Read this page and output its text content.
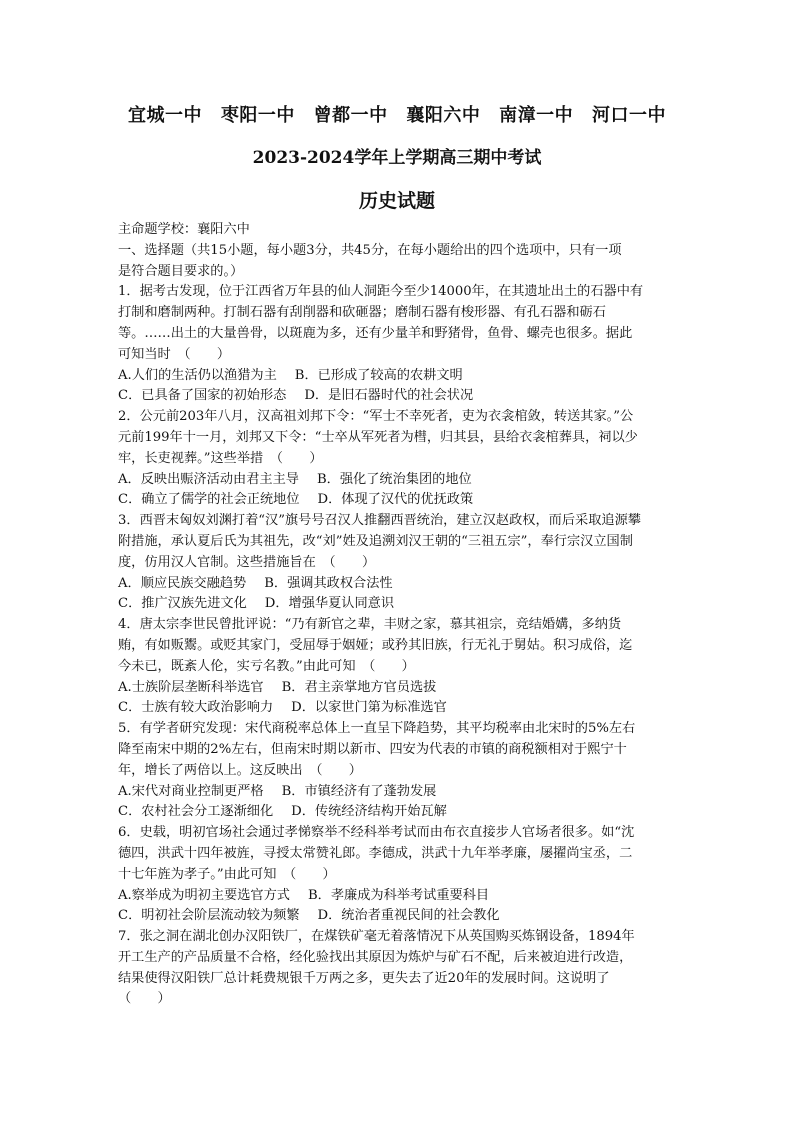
宜城一中 枣阳一中 曾都一中 襄阳六中 南漳一中 河口一中
2023-2024学年上学期高三期中考试
历史试题
主命题学校：襄阳六中
一、选择题（共15小题，每小题3分，共45分，在每小题给出的四个选项中，只有一项
是符合题目要求的。）
1．据考古发现，位于江西省万年县的仙人洞距今至少14000年，在其遗址出土的石器中有
打制和磨制两种。打制石器有刮削器和砍砸器；磨制石器有梭形器、有孔石器和砺石
等。……出土的大量兽骨，以斑鹿为多，还有少量羊和野猪骨，鱼骨、螺壳也很多。据此
可知当时　（　　）
A.人们的生活仍以渔猎为主 B．已形成了较高的农耕文明
C．已具备了国家的初始形态 D．是旧石器时代的社会状况
2．公元前203年八月，汉高祖刘邦下令：“军士不幸死者，吏为衣衾棺敛，转送其家。”公
元前199年十一月，刘邦又下令：“士卒从军死者为槥，归其县，县给衣衾棺葬具，祠以少
牢，长吏视葬。”这些举措　（　　）
A．反映出赈济活动由君主主导 B．强化了统治集团的地位
C．确立了儒学的社会正统地位 D．体现了汉代的优抚政策
3．西晋末匈奴刘渊打着“汉”旗号号召汉人推翻西晋统治，建立汉赵政权，而后采取追源攀
附措施，承认夏后氏为其祖先，改“刘”姓及追溯刘汉王朝的“三祖五宗”，奉行宗汉立国制
度，仿用汉人官制。这些措施旨在　（　　）
A．顺应民族交融趋势 B．强调其政权合法性
C．推广汉族先进文化 D．增强华夏认同意识
4．唐太宗李世民曾批评说：“乃有新官之辈，丰财之家，慕其祖宗，竞结婚媾，多纳货
贿，有如贩鬻。或贬其家门，受屈辱于姻娅；或矜其旧族，行无礼于舅姑。积习成俗，迄
今未已，既紊人伦，实亏名教。”由此可知　（　　）
A.士族阶层垄断科举选官 B．君主亲掌地方官员选拔
C．士族有较大政治影响力 D．以家世门第为标准选官
5．有学者研究发现：宋代商税率总体上一直呈下降趋势，其平均税率由北宋时的5%左右
降至南宋中期的2%左右，但南宋时期以新市、四安为代表的市镇的商税额相对于熙宁十
年，增长了两倍以上。这反映出　（　　）
A.宋代对商业控制更严格 B．市镇经济有了蓬勃发展
C．农村社会分工逐渐细化 D．传统经济结构开始瓦解
6．史载，明初官场社会通过孝悌察举不经科举考试而由布衣直接步人官场者很多。如“沈
德四，洪武十四年被旌，寻授太常赞礼郎。李德成，洪武十九年举孝廉，屡擢尚宝丞，二
十七年旌为孝子。”由此可知　（　　）
A.察举成为明初主要选官方式 B．孝廉成为科举考试重要科目
C．明初社会阶层流动较为频繁 D．统治者重视民间的社会教化
7．张之洞在湖北创办汉阳铁厂，在煤铁矿毫无着落情况下从英国购买炼钢设备，1894年
开工生产的产品质量不合格，经化验找出其原因为炼炉与矿石不配，后来被迫进行改造，
结果使得汉阳铁厂总计耗费规银千万两之多，更失去了近20年的发展时间。这说明了
（　　）
